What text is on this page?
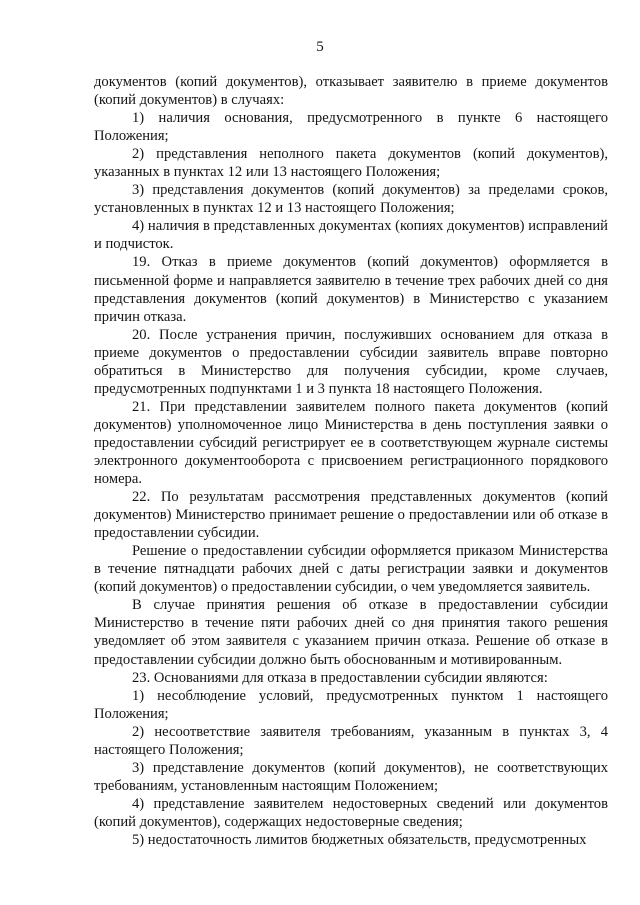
5

документов (копий документов), отказывает заявителю в приеме документов (копий документов) в случаях:

1) наличия основания, предусмотренного в пункте 6 настоящего Положения;

2) представления неполного пакета документов (копий документов), указанных в пунктах 12 или 13 настоящего Положения;

3) представления документов (копий документов) за пределами сроков, установленных в пунктах 12 и 13 настоящего Положения;

4) наличия в представленных документах (копиях документов) исправлений и подчисток.

19. Отказ в приеме документов (копий документов) оформляется в письменной форме и направляется заявителю в течение трех рабочих дней со дня представления документов (копий документов) в Министерство с указанием причин отказа.

20. После устранения причин, послуживших основанием для отказа в приеме документов о предоставлении субсидии заявитель вправе повторно обратиться в Министерство для получения субсидии, кроме случаев, предусмотренных подпунктами 1 и 3 пункта 18 настоящего Положения.

21. При представлении заявителем полного пакета документов (копий документов) уполномоченное лицо Министерства в день поступления заявки о предоставлении субсидий регистрирует ее в соответствующем журнале системы электронного документооборота с присвоением регистрационного порядкового номера.

22. По результатам рассмотрения представленных документов (копий документов) Министерство принимает решение о предоставлении или об отказе в предоставлении субсидии.

Решение о предоставлении субсидии оформляется приказом Министерства в течение пятнадцати рабочих дней с даты регистрации заявки и документов (копий документов) о предоставлении субсидии, о чем уведомляется заявитель.

В случае принятия решения об отказе в предоставлении субсидии Министерство в течение пяти рабочих дней со дня принятия такого решения уведомляет об этом заявителя с указанием причин отказа. Решение об отказе в предоставлении субсидии должно быть обоснованным и мотивированным.

23. Основаниями для отказа в предоставлении субсидии являются:

1) несоблюдение условий, предусмотренных пунктом 1 настоящего Положения;

2) несоответствие заявителя требованиям, указанным в пунктах 3, 4 настоящего Положения;

3) представление документов (копий документов), не соответствующих требованиям, установленным настоящим Положением;

4) представление заявителем недостоверных сведений или документов (копий документов), содержащих недостоверные сведения;

5) недостаточность лимитов бюджетных обязательств, предусмотренных
